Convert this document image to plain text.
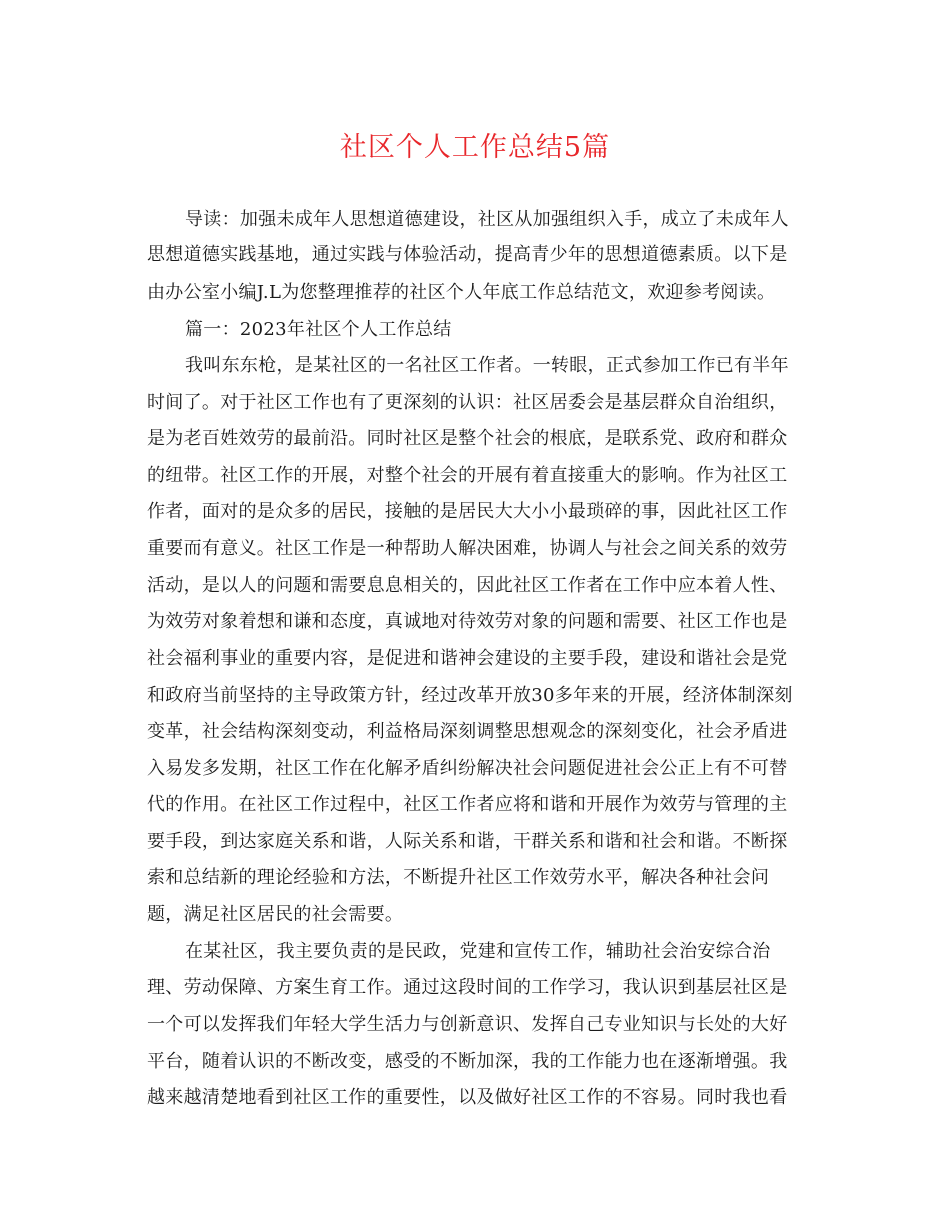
社区个人工作总结5篇
导读：加强未成年人思想道德建设，社区从加强组织入手，成立了未成年人
思想道德实践基地，通过实践与体验活动，提高青少年的思想道德素质。以下是
由办公室小编J.L为您整理推荐的社区个人年底工作总结范文，欢迎参考阅读。
篇一：2023年社区个人工作总结
我叫东东枪，是某社区的一名社区工作者。一转眼，正式参加工作已有半年
时间了。对于社区工作也有了更深刻的认识：社区居委会是基层群众自治组织，
是为老百姓效劳的最前沿。同时社区是整个社会的根底，是联系党、政府和群众
的纽带。社区工作的开展，对整个社会的开展有着直接重大的影响。作为社区工
作者，面对的是众多的居民，接触的是居民大大小小最琐碎的事，因此社区工作
重要而有意义。社区工作是一种帮助人解决困难，协调人与社会之间关系的效劳
活动，是以人的问题和需要息息相关的，因此社区工作者在工作中应本着人性、
为效劳对象着想和谦和态度，真诚地对待效劳对象的问题和需要、社区工作也是
社会福利事业的重要内容，是促进和谐神会建设的主要手段，建设和谐社会是党
和政府当前坚持的主导政策方针，经过改革开放30多年来的开展，经济体制深刻
变革，社会结构深刻变动，利益格局深刻调整思想观念的深刻变化，社会矛盾进
入易发多发期，社区工作在化解矛盾纠纷解决社会问题促进社会公正上有不可替
代的作用。在社区工作过程中，社区工作者应将和谐和开展作为效劳与管理的主
要手段，到达家庭关系和谐，人际关系和谐，干群关系和谐和社会和谐。不断探
索和总结新的理论经验和方法，不断提升社区工作效劳水平，解决各种社会问
题，满足社区居民的社会需要。
在某社区，我主要负责的是民政，党建和宣传工作，辅助社会治安综合治
理、劳动保障、方案生育工作。通过这段时间的工作学习，我认识到基层社区是
一个可以发挥我们年轻大学生活力与创新意识、发挥自己专业知识与长处的大好
平台，随着认识的不断改变，感受的不断加深，我的工作能力也在逐渐增强。我
越来越清楚地看到社区工作的重要性，以及做好社区工作的不容易。同时我也看
